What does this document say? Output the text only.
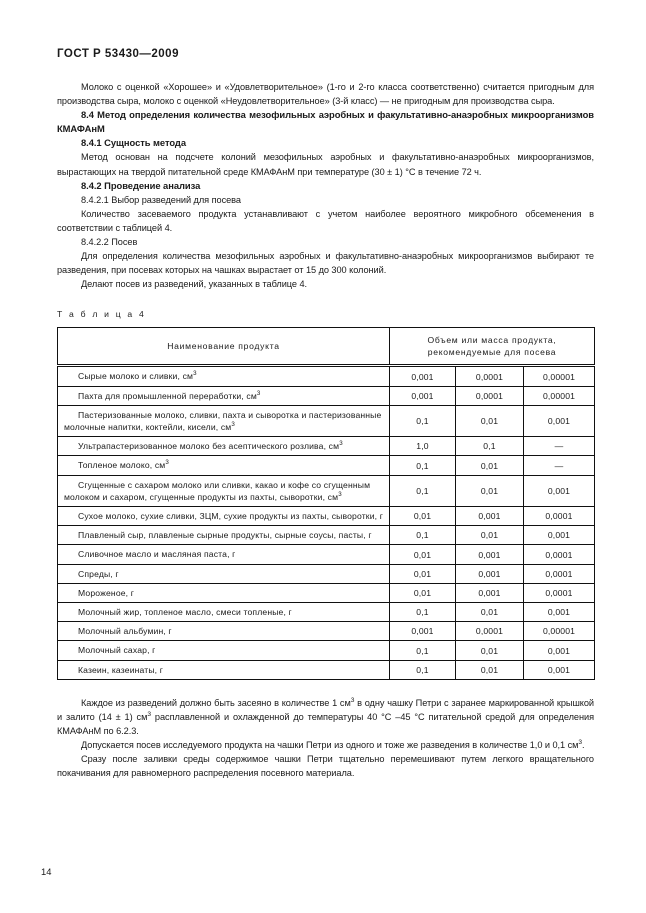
ГОСТ Р 53430—2009

Молоко с оценкой «Хорошее» и «Удовлетворительное» (1-го и 2-го класса соответственно) считается пригодным для производства сыра, молоко с оценкой «Неудовлетворительное» (3-й класс) — не пригодным для производства сыра.

8.4 Метод определения количества мезофильных аэробных и факультативно-анаэробных микроорганизмов КМАФАнМ

8.4.1 Сущность метода

Метод основан на подсчете колоний мезофильных аэробных и факультативно-анаэробных микроорганизмов, вырастающих на твердой питательной среде КМАФАнМ при температуре (30 ± 1) °С в течение 72 ч.

8.4.2 Проведение анализа

8.4.2.1 Выбор разведений для посева

Количество засеваемого продукта устанавливают с учетом наиболее вероятного микробного обсеменения в соответствии с таблицей 4.

8.4.2.2 Посев

Для определения количества мезофильных аэробных и факультативно-анаэробных микроорганизмов выбирают те разведения, при посевах которых на чашках вырастает от 15 до 300 колоний.

Делают посев из разведений, указанных в таблице 4.

Т а б л и ц а 4
Наименование продукта	Объем или масса продукта, рекомендуемые для посева		
Сырые молоко и сливки, $см^3$	0,001	0,0001	0,00001
Пахта для промышленной переработки, $см^3$	0,001	0,0001	0,00001
Пастеризованные молоко, сливки, пахта и сыворотка и пастеризованные молочные напитки, коктейли, кисели, $см^3$	0,1	0,01	0,001
Ультрапастеризованное молоко без асептического розлива, $см^3$	1,0	0,1	—
Топленое молоко, $см^3$	0,1	0,01	—
Сгущенные с сахаром молоко или сливки, какао и кофе со сгущенным молоком и сахаром, сгущенные продукты из пахты, сыворотки, $см^3$	0,1	0,01	0,001
Сухое молоко, сухие сливки, ЗЦМ, сухие продукты из пахты, сыворотки, г	0,01	0,001	0,0001
Плавленый сыр, плавленые сырные продукты, сырные соусы, пасты, г	0,1	0,01	0,001
Сливочное масло и масляная паста, г	0,01	0,001	0,0001
Спреды, г	0,01	0,001	0,0001
Мороженое, г	0,01	0,001	0,0001
Молочный жир, топленое масло, смеси топленые, г	0,1	0,01	0,001
Молочный альбумин, г	0,001	0,0001	0,00001
Молочный сахар, г	0,1	0,01	0,001
Казеин, казеинаты, г	0,1	0,01	0,001

Каждое из разведений должно быть засеяно в количестве 1 $см^3$ в одну чашку Петри с заранее маркированной крышкой и залито (14 ± 1) $см^3$ расплавленной и охлажденной до температуры 40 °С –45 °С питательной средой для определения КМАФАнМ по 6.2.3.

Допускается посев исследуемого продукта на чашки Петри из одного и тоже же разведения в количестве 1,0 и 0,1 $см^3$.

Сразу после заливки среды содержимое чашки Петри тщательно перемешивают путем легкого вращательного покачивания для равномерного распределения посевного материала.

14
